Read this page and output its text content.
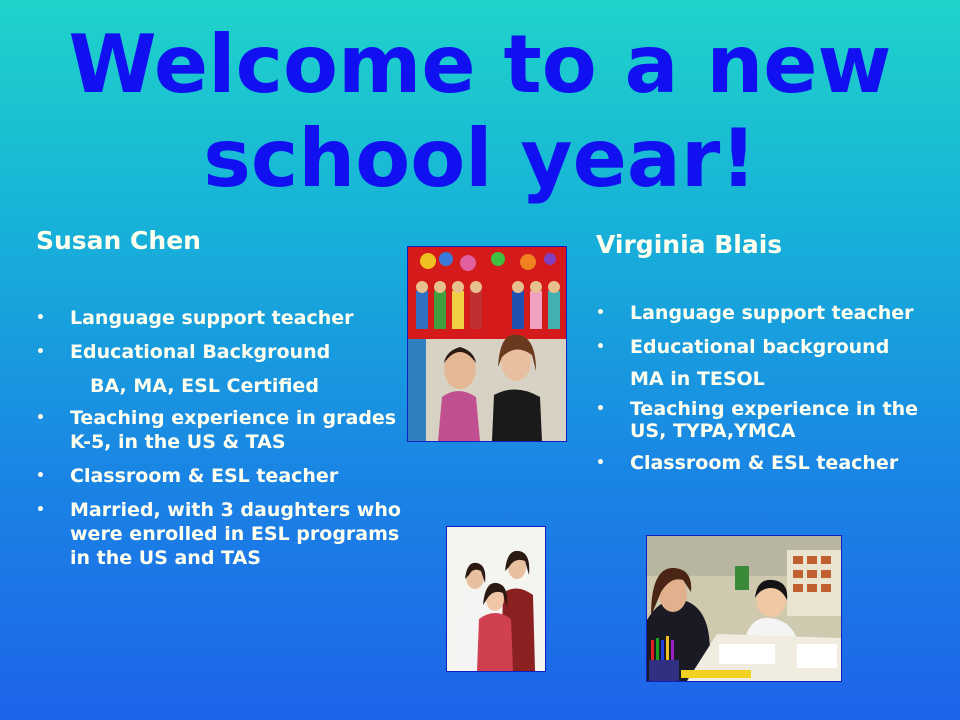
Welcome to a new
school year!
Susan Chen
• Language support teacher
• Educational Background
BA, MA, ESL Certified
• Teaching experience in grades K-5, in the US & TAS
• Classroom & ESL teacher
• Married, with 3 daughters who were enrolled in ESL programs in the US and TAS
Virginia Blais
• Language support teacher
• Educational background
MA in TESOL
• Teaching experience in the US, TYPA,YMCA
• Classroom & ESL teacher
